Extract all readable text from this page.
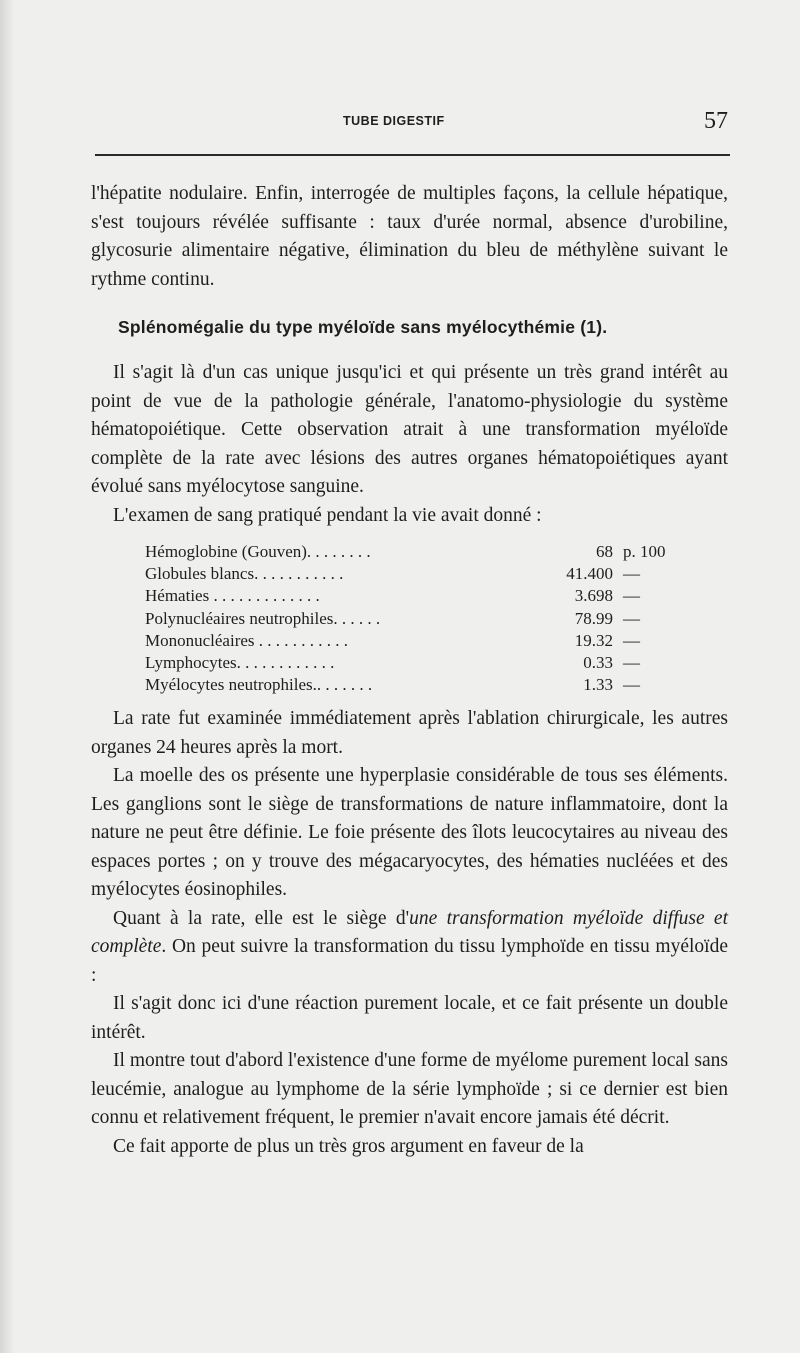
TUBE DIGESTIF	57

l'hépatite nodulaire. Enfin, interrogée de multiples façons, la cellule hépatique, s'est toujours révélée suffisante : taux d'urée normal, absence d'urobiline, glycosurie alimentaire négative, élimination du bleu de méthylène suivant le rythme continu.

Splénomégalie du type myéloïde sans myélocythémie (1).

Il s'agit là d'un cas unique jusqu'ici et qui présente un très grand intérêt au point de vue de la pathologie générale, l'anatomo-physiologie du système hématopoiétique. Cette observation atrait à une transformation myéloïde complète de la rate avec lésions des autres organes hématopoiétiques ayant évolué sans myélocytose sanguine.

L'examen de sang pratiqué pendant la vie avait donné :

Hémoglobine (Gouven). . . . . . . .	68 p. 100
Globules blancs. . . . . . . . . . .	41.400 —
Hématies . . . . . . . . . . . . .	3.698 —
Polynucléaires neutrophiles. . . . . .	78.99 —
Mononucléaires . . . . . . . . . . .	19.32 —
Lymphocytes. . . . . . . . . . . .	0.33 —
Myélocytes neutrophiles.. . . . . . .	1.33 —

La rate fut examinée immédiatement après l'ablation chirurgicale, les autres organes 24 heures après la mort.

La moelle des os présente une hyperplasie considérable de tous ses éléments. Les ganglions sont le siège de transformations de nature inflammatoire, dont la nature ne peut être définie. Le foie présente des îlots leucocytaires au niveau des espaces portes ; on y trouve des mégacaryocytes, des hématies nucléées et des myélocytes éosinophiles.

Quant à la rate, elle est le siège d'une transformation myéloïde diffuse et complète. On peut suivre la transformation du tissu lymphoïde en tissu myéloïde :

Il s'agit donc ici d'une réaction purement locale, et ce fait présente un double intérêt.

Il montre tout d'abord l'existence d'une forme de myélome purement local sans leucémie, analogue au lymphome de la série lymphoïde ; si ce dernier est bien connu et relativement fréquent, le premier n'avait encore jamais été décrit.

Ce fait apporte de plus un très gros argument en faveur de la
